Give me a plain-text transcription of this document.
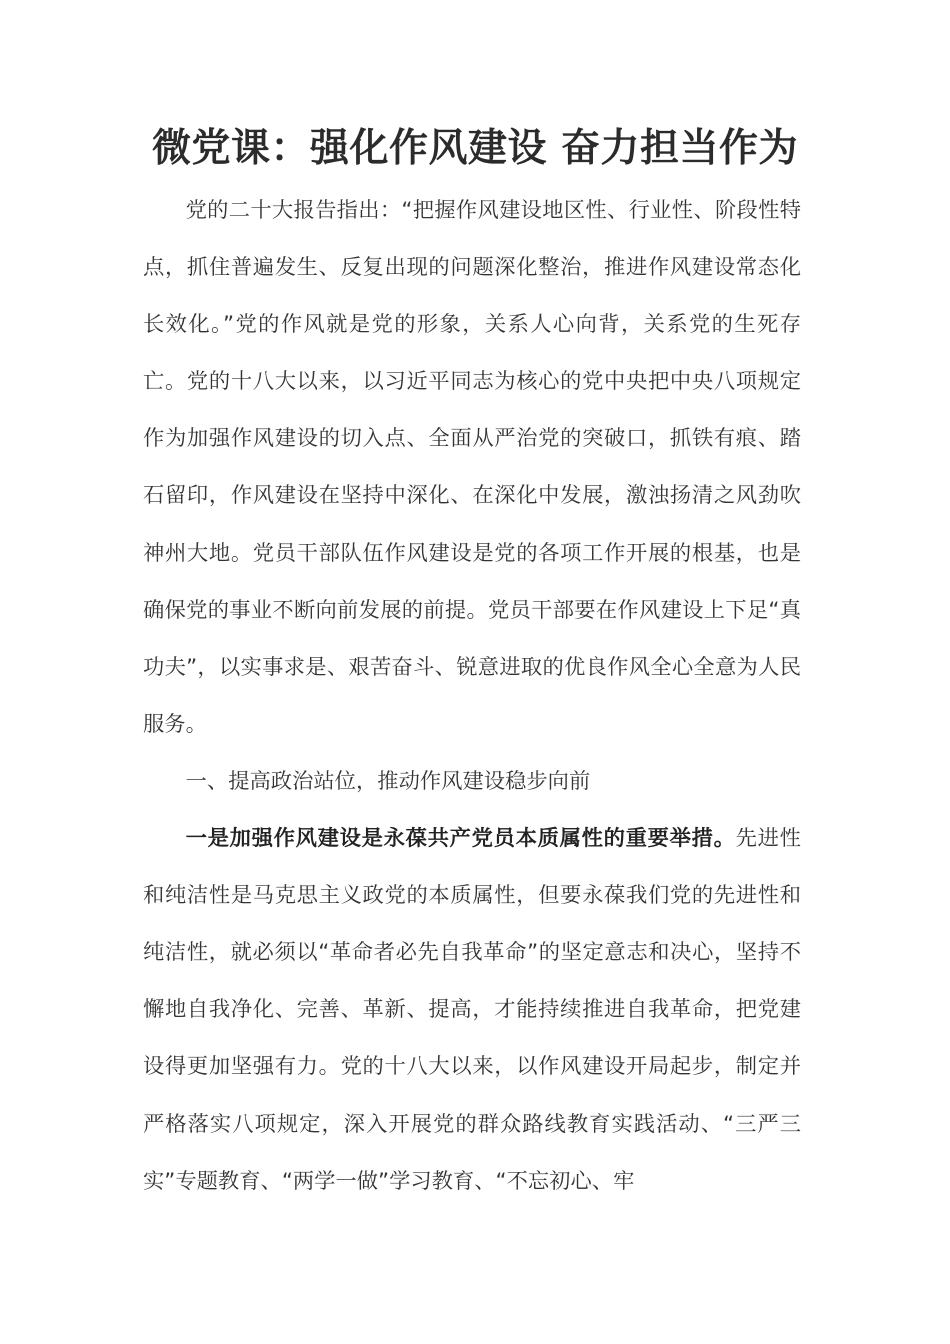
微党课：强化作风建设 奋力担当作为

党的二十大报告指出：“把握作风建设地区性、行业性、阶段性特点，抓住普遍发生、反复出现的问题深化整治，推进作风建设常态化长效化。”党的作风就是党的形象，关系人心向背，关系党的生死存亡。党的十八大以来，以习近平同志为核心的党中央把中央八项规定作为加强作风建设的切入点、全面从严治党的突破口，抓铁有痕、踏石留印，作风建设在坚持中深化、在深化中发展，激浊扬清之风劲吹神州大地。党员干部队伍作风建设是党的各项工作开展的根基，也是确保党的事业不断向前发展的前提。党员干部要在作风建设上下足“真功夫”，以实事求是、艰苦奋斗、锐意进取的优良作风全心全意为人民服务。

一、提高政治站位，推动作风建设稳步向前

一是加强作风建设是永葆共产党员本质属性的重要举措。先进性和纯洁性是马克思主义政党的本质属性，但要永葆我们党的先进性和纯洁性，就必须以“革命者必先自我革命”的坚定意志和决心，坚持不懈地自我净化、完善、革新、提高，才能持续推进自我革命，把党建设得更加坚强有力。党的十八大以来，以作风建设开局起步，制定并严格落实八项规定，深入开展党的群众路线教育实践活动、“三严三实”专题教育、“两学一做”学习教育、“不忘初心、牢
